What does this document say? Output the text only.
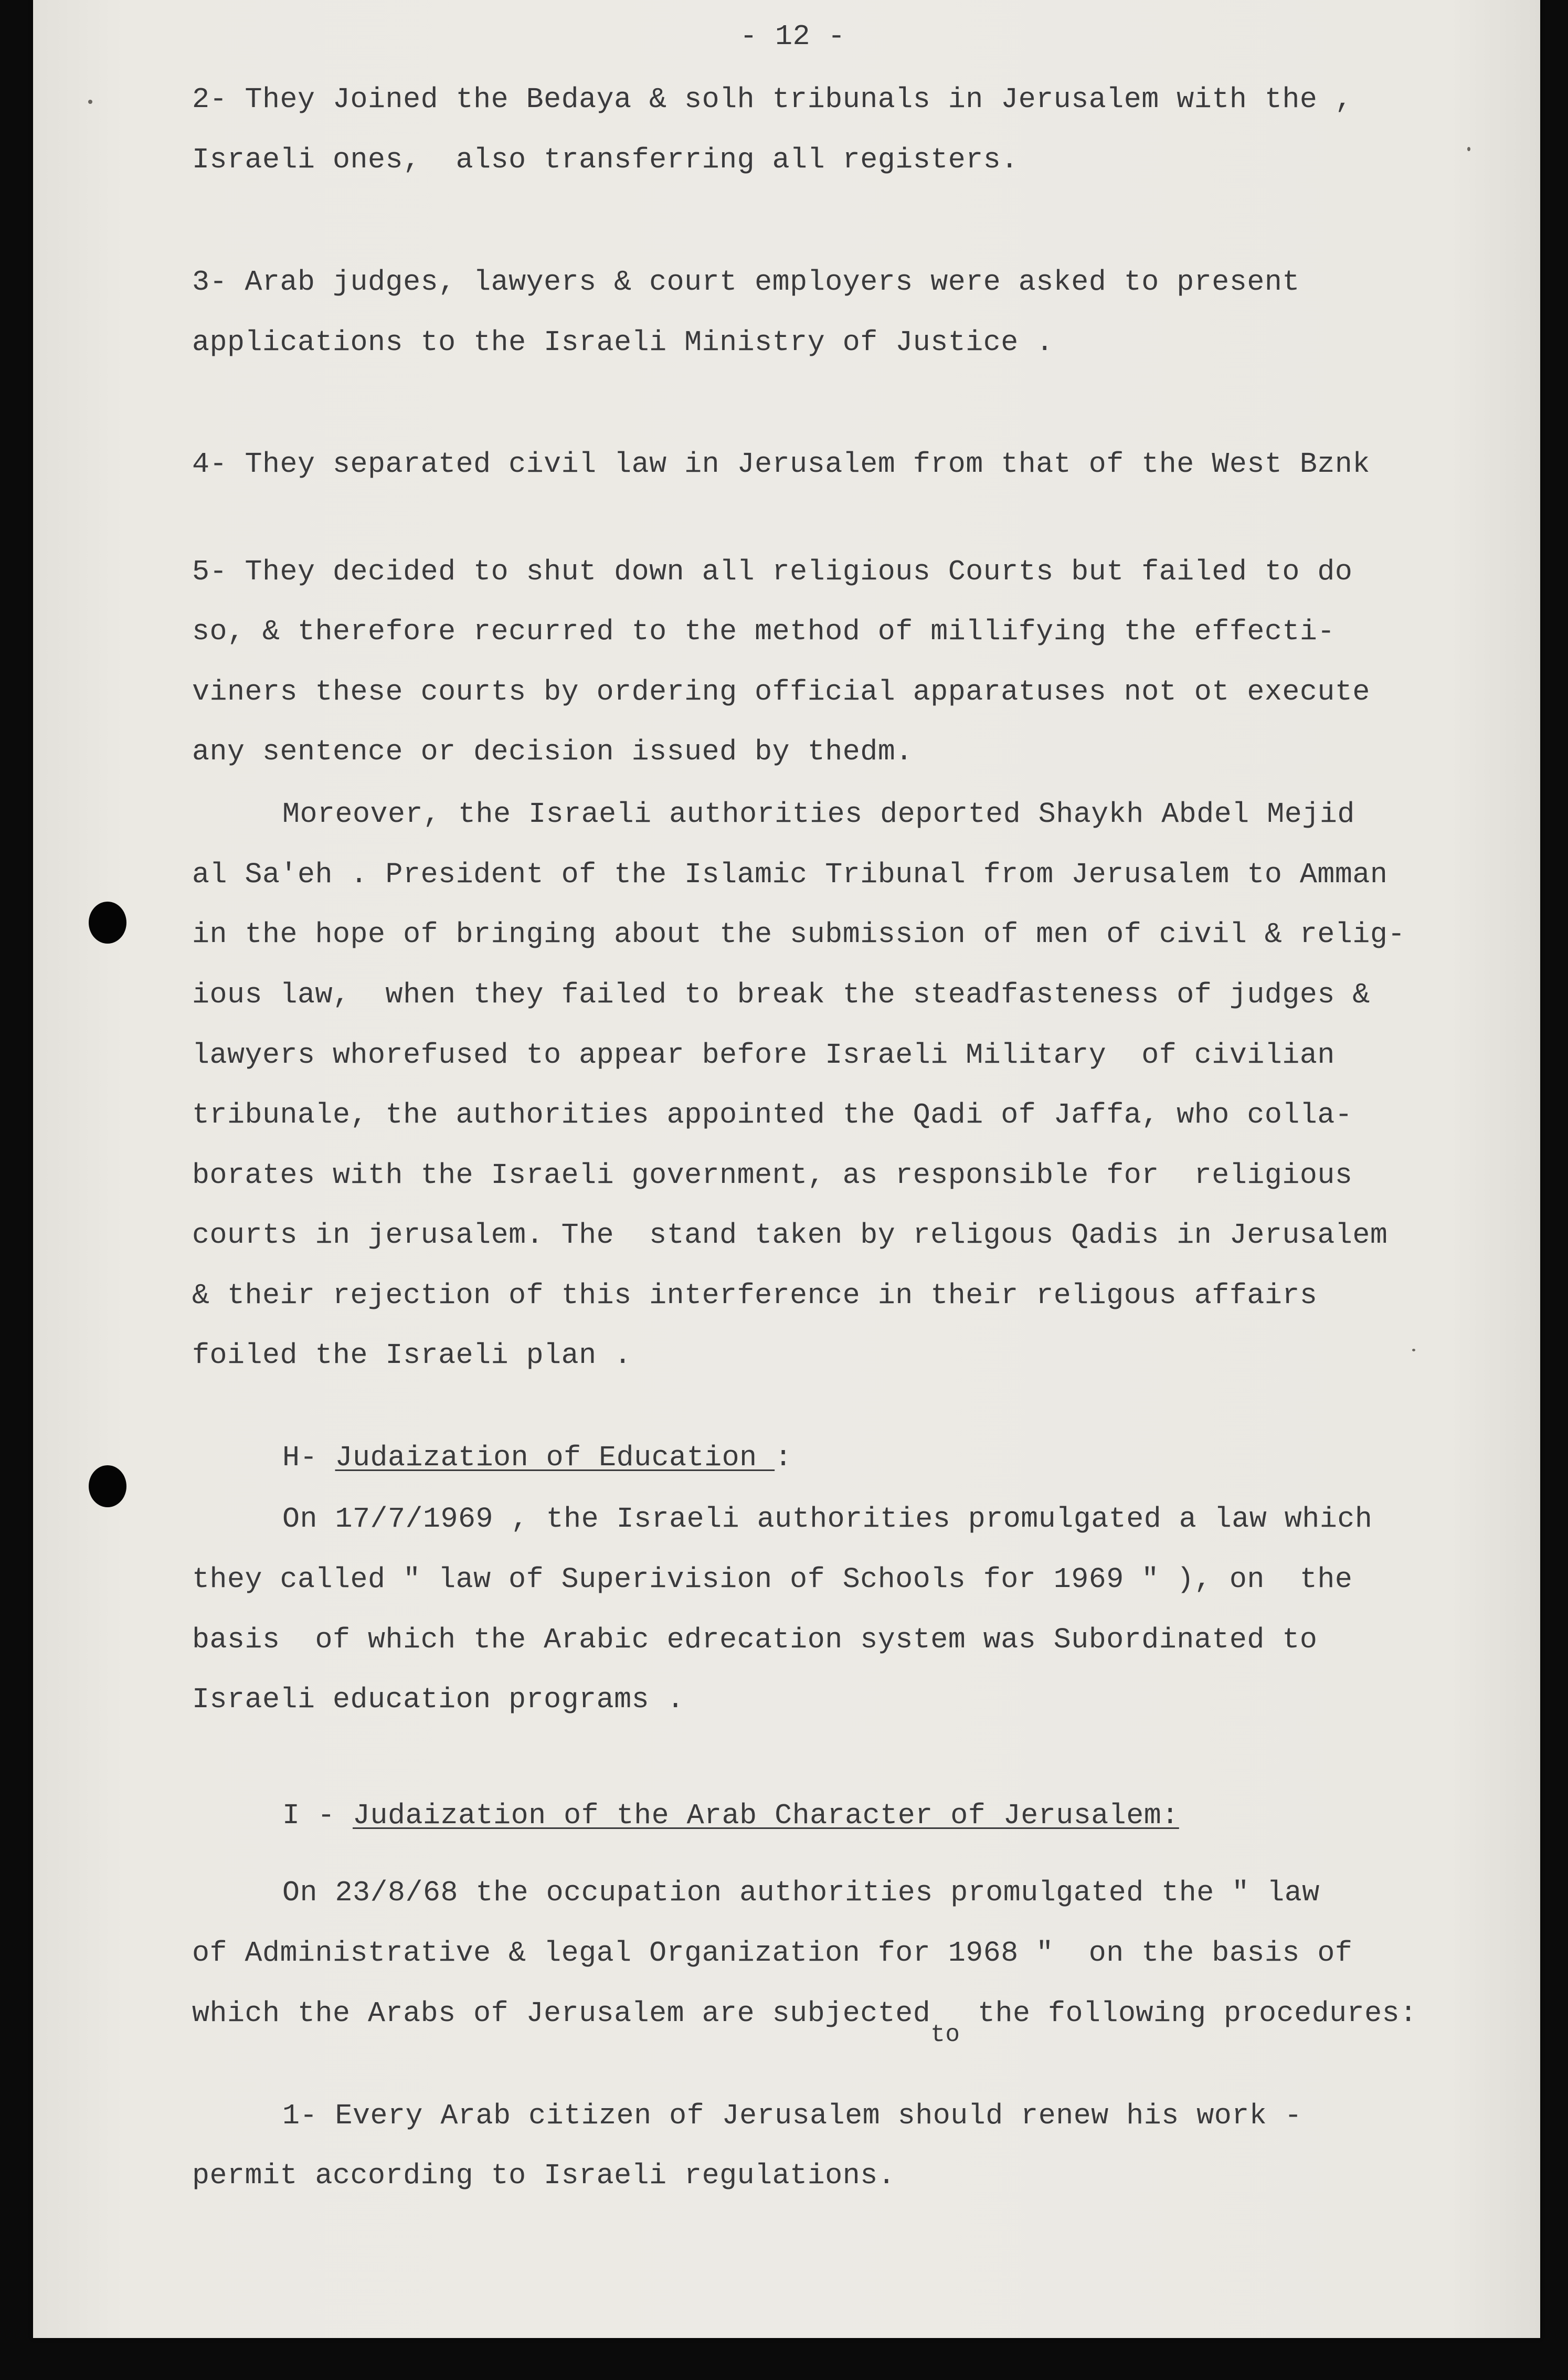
- 12 -

2- They Joined the Bedaya & solh tribunals in Jerusalem with the ,

Israeli ones,  also transferring all registers.

3- Arab judges, lawyers & court employers were asked to present

applications to the Israeli Ministry of Justice .

4- They separated civil law in Jerusalem from that of the West Bznk

5- They decided to shut down all religious Courts but failed to do

so, & therefore recurred to the method of millifying the effecti-

viners these courts by ordering official apparatuses not ot execute

any sentence or decision issued by thedm.

Moreover, the Israeli authorities deported Shaykh Abdel Mejid

al Sa'eh . President of the Islamic Tribunal from Jerusalem to Amman

in the hope of bringing about the submission of men of civil & relig-

ious law,  when they failed to break the steadfasteness of judges &

lawyers whorefused to appear before Israeli Military  of civilian

tribunale, the authorities appointed the Qadi of Jaffa, who colla-

borates with the Israeli government, as responsible for  religious

courts in jerusalem. The  stand taken by religous Qadis in Jerusalem

& their rejection of this interference in their religous affairs

foiled the Israeli plan .

H- Judaization of Education :

On 17/7/1969 , the Israeli authorities promulgated a law which

they called " law of Superivision of Schools for 1969 " ), on  the

basis  of which the Arabic edrecation system was Subordinated to

Israeli education programs .

I - Judaization of the Arab Character of Jerusalem:

On 23/8/68 the occupation authorities promulgated the " law

of Administrative & legal Organization for 1968 "  on the basis of

which the Arabs of Jerusalem are subjected$_{to}$ the following procedures:

1- Every Arab citizen of Jerusalem should renew his work -

permit according to Israeli regulations.
